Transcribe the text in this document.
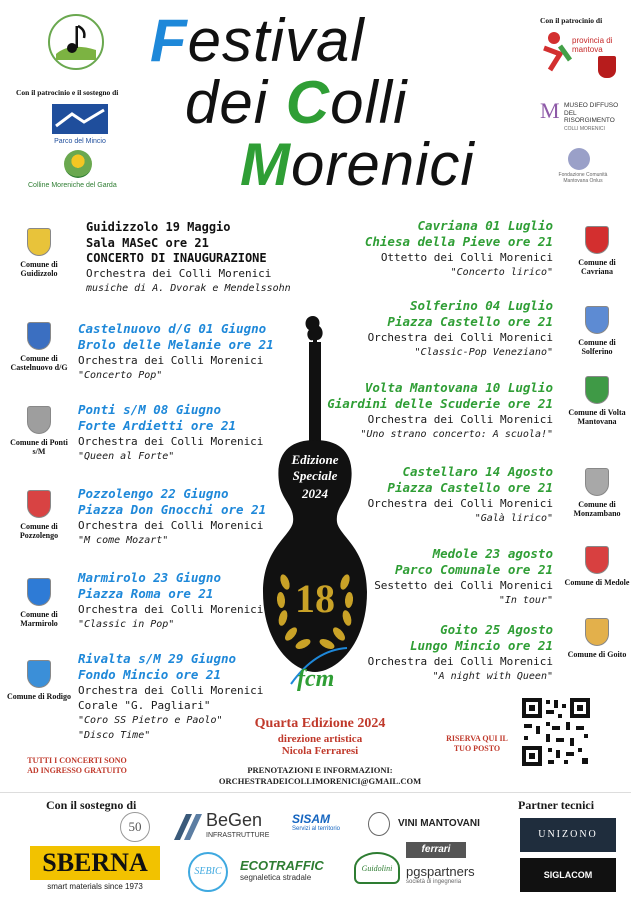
Con il patrocinio e il sostegno di
Parco del Mincio
Colline Moreniche del Garda
Festival
dei Colli
Morenici
Con il patrocinio di
provincia di mantova
M MUSEO DIFFUSO DEL RISORGIMENTO
COLLI MORENICI
Fondazione Comunità Mantovana Onlus
Edizione
Speciale
2024
18
Guidizzolo 19 Maggio
Sala MASeC ore 21
CONCERTO DI INAUGURAZIONE
Orchestra dei Colli Morenici
musiche di A. Dvorak e Mendelssohn
Castelnuovo d/G 01 Giugno
Brolo delle Melanie ore 21
Orchestra dei Colli Morenici
"Concerto Pop"
Ponti s/M 08 Giugno
Forte Ardietti ore 21
Orchestra dei Colli Morenici
"Queen al Forte"
Pozzolengo 22 Giugno
Piazza Don Gnocchi ore 21
Orchestra dei Colli Morenici
"M come Mozart"
Marmirolo 23 Giugno
Piazza Roma ore 21
Orchestra dei Colli Morenici
"Classic in Pop"
Rivalta s/M 29 Giugno
Fondo Mincio ore 21
Orchestra dei Colli Morenici
Corale "G. Pagliari"
"Coro SS Pietro e Paolo"
"Disco Time"
Comune di Guidizzolo
Comune di Castelnuovo d/G
Comune di Ponti s/M
Comune di Pozzolengo
Comune di Marmirolo
Comune di Rodigo
Cavriana 01 Luglio
Chiesa della Pieve ore 21
Ottetto dei Colli Morenici
"Concerto lirico"
Solferino 04 Luglio
Piazza Castello ore 21
Orchestra dei Colli Morenici
"Classic-Pop Veneziano"
Volta Mantovana 10 Luglio
Giardini delle Scuderie ore 21
Orchestra dei Colli Morenici
"Uno strano concerto: A scuola!"
Castellaro 14 Agosto
Piazza Castello ore 21
Orchestra dei Colli Morenici
"Galà lirico"
Medole 23 agosto
Parco Comunale ore 21
Sestetto dei Colli Morenici
"In tour"
Goito 25 Agosto
Lungo Mincio ore 21
Orchestra dei Colli Morenici
"A night with Queen"
Comune di Cavriana
Comune di Solferino
Comune di Volta Mantovana
Comune di Monzambano
Comune di Medole
Comune di Goito
fcm
Quarta Edizione 2024
direzione artistica
Nicola Ferraresi
PRENOTAZIONI E INFORMAZIONI:
ORCHESTRADEICOLLIMORENICI@GMAIL.COM
TUTTI I CONCERTI SONO AD INGRESSO GRATUITO
RISERVA QUI IL TUO POSTO
Con il sostegno di	Partner tecnici
50
SBERNA
smart materials since 1973
BeGen
INFRASTRUTTURE
SISAM
Servizi al territorio	VINI MANTOVANI
SEBIC	ECOTRAFFIC
segnaletica stradale
Guidolini
ferrari
pgspartners
società di ingegneria
UNIZONO
SIGLACOM
